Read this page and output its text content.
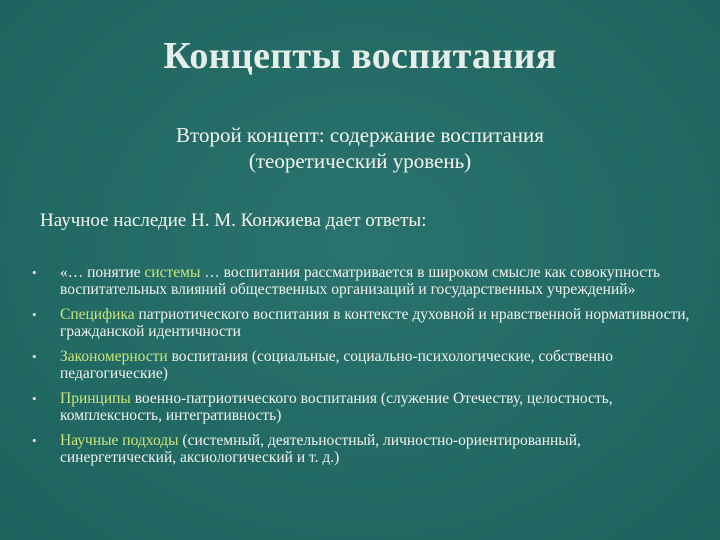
Концепты воспитания
Второй концепт: содержание воспитания
(теоретический уровень)
Научное наследие Н. М. Конжиева дает ответы:
• «… понятие системы … воспитания рассматривается в широком смысле как совокупность воспитательных влияний общественных организаций и государственных учреждений»
• Специфика патриотического воспитания в контексте духовной и нравственной нормативности, гражданской идентичности
• Закономерности воспитания (социальные, социально-психологические, собственно педагогические)
• Принципы военно-патриотического воспитания (служение Отечеству, целостность, комплексность, интегративность)
• Научные подходы (системный, деятельностный, личностно-ориентированный, синергетический, аксиологический и т. д.)
